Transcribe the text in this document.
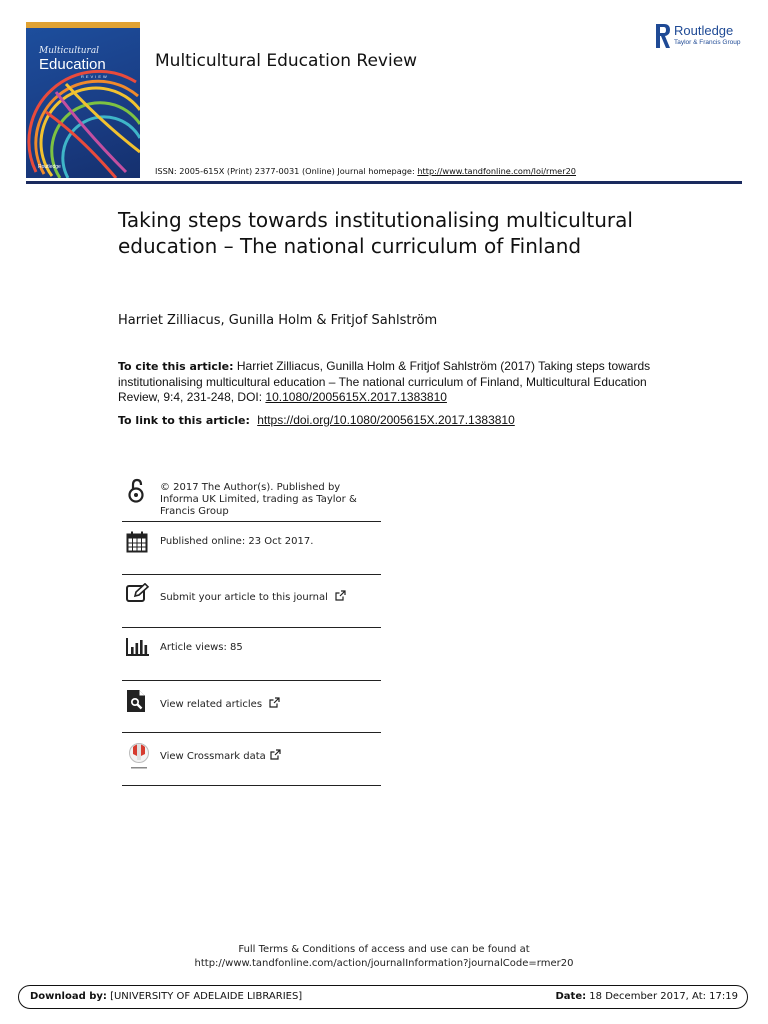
Multicultural
Education
REVIEW
Routledge
Multicultural Education Review
Routledge
Taylor & Francis Group
ISSN: 2005-615X (Print) 2377-0031 (Online) Journal homepage: http://www.tandfonline.com/loi/rmer20
Taking steps towards institutionalising multicultural education – The national curriculum of Finland
Harriet Zilliacus, Gunilla Holm & Fritjof Sahlström
To cite this article: Harriet Zilliacus, Gunilla Holm & Fritjof Sahlström (2017) Taking steps towards institutionalising multicultural education – The national curriculum of Finland, Multicultural Education Review, 9:4, 231-248, DOI: 10.1080/2005615X.2017.1383810
To link to this article: https://doi.org/10.1080/2005615X.2017.1383810
© 2017 The Author(s). Published by Informa UK Limited, trading as Taylor & Francis Group
Published online: 23 Oct 2017.
Submit your article to this journal
Article views: 85
View related articles
View Crossmark data
Full Terms & Conditions of access and use can be found at
http://www.tandfonline.com/action/journalInformation?journalCode=rmer20
Download by: [UNIVERSITY OF ADELAIDE LIBRARIES]	Date: 18 December 2017, At: 17:19
